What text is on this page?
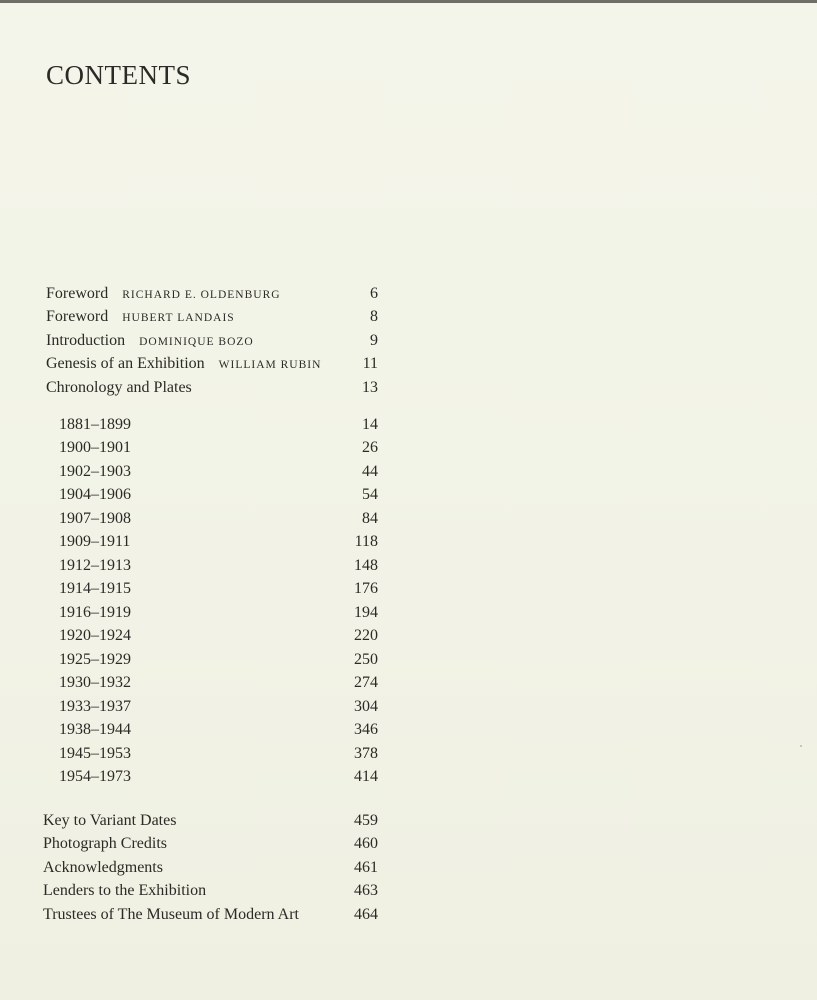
CONTENTS
Foreword RICHARD E. OLDENBURG	6
Foreword HUBERT LANDAIS	8
Introduction DOMINIQUE BOZO	9
Genesis of an Exhibition WILLIAM RUBIN	11
Chronology and Plates	13
1881–1899	14
1900–1901	26
1902–1903	44
1904–1906	54
1907–1908	84
1909–1911	118
1912–1913	148
1914–1915	176
1916–1919	194
1920–1924	220
1925–1929	250
1930–1932	274
1933–1937	304
1938–1944	346
1945–1953	378
1954–1973	414
Key to Variant Dates	459
Photograph Credits	460
Acknowledgments	461
Lenders to the Exhibition	463
Trustees of The Museum of Modern Art	464
